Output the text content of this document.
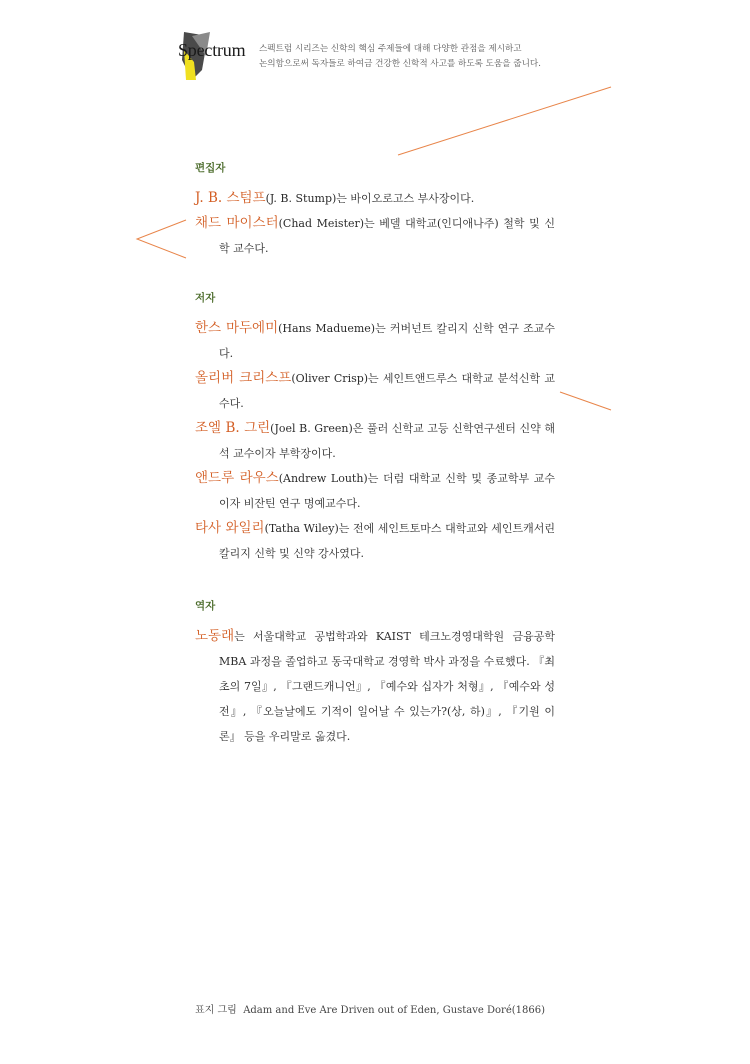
Spectrum 스펙트럼 시리즈는 신학의 핵심 주제들에 대해 다양한 관점을 제시하고
논의함으로써 독자들로 하여금 건강한 신학적 사고를 하도록 도움을 줍니다.
편집자

J. B. 스텀프(J. B. Stump)는 바이오로고스 부사장이다.

채드 마이스터(Chad Meister)는 베델 대학교(인디애나주) 철학 및 신학 교수다.

저자

한스 마두에미(Hans Madueme)는 커버넌트 칼리지 신학 연구 조교수다.

올리버 크리스프(Oliver Crisp)는 세인트앤드루스 대학교 분석신학 교수다.

조엘 B. 그린(Joel B. Green)은 풀러 신학교 고등 신학연구센터 신약 해석 교수이자 부학장이다.

앤드루 라우스(Andrew Louth)는 더럼 대학교 신학 및 종교학부 교수이자 비잔틴 연구 명예교수다.

타사 와일리(Tatha Wiley)는 전에 세인트토마스 대학교와 세인트캐서린 칼리지 신학 및 신약 강사였다.

역자

노동래는 서울대학교 공법학과와 KAIST 테크노경영대학원 금융공학 MBA 과정을 졸업하고 동국대학교 경영학 박사 과정을 수료했다. 『최초의 7일』, 『그랜드캐니언』, 『예수와 십자가 처형』, 『예수와 성전』, 『오늘날에도 기적이 일어날 수 있는가?(상, 하)』, 『기원 이론』 등을 우리말로 옮겼다.

표지 그림 Adam and Eve Are Driven out of Eden, Gustave Doré(1866)
